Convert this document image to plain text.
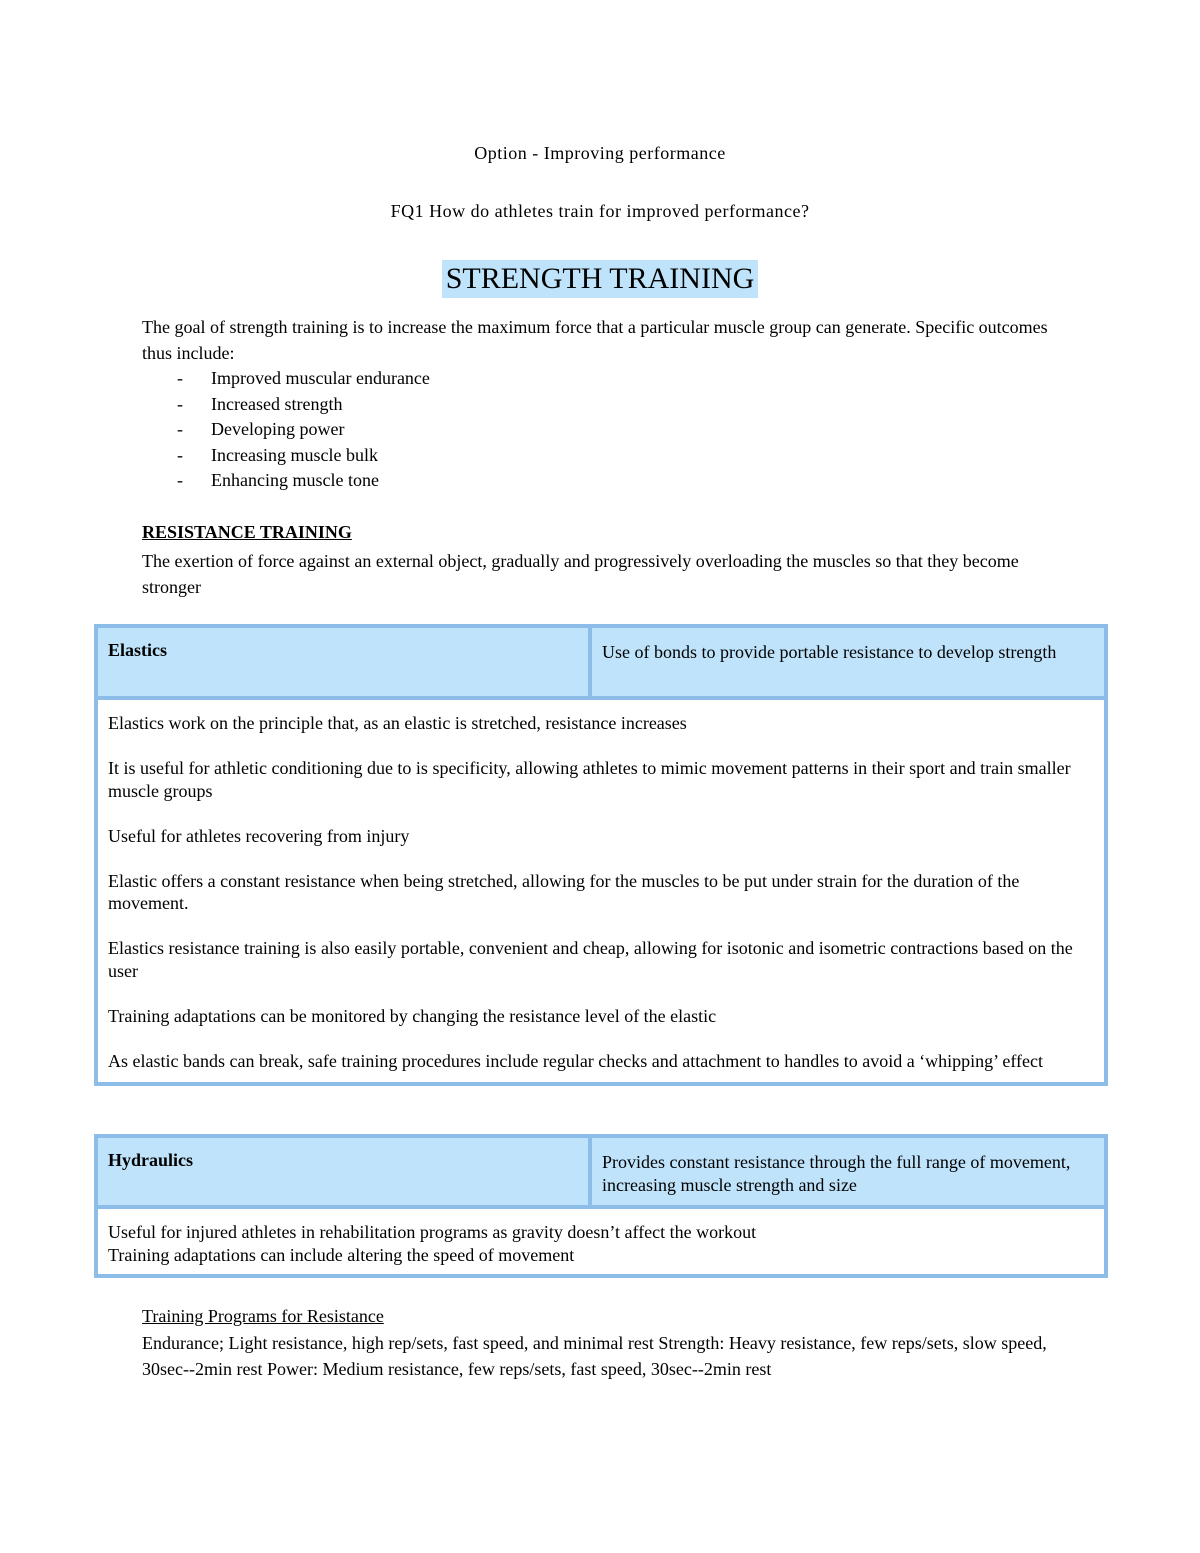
Option - Improving performance
FQ1 How do athletes train for improved performance?
STRENGTH TRAINING
The goal of strength training is to increase the maximum force that a particular muscle group can generate. Specific outcomes thus include:
- Improved muscular endurance
- Increased strength
- Developing power
- Increasing muscle bulk
- Enhancing muscle tone
RESISTANCE TRAINING
The exertion of force against an external object, gradually and progressively overloading the muscles so that they become stronger
Elastics	Use of bonds to provide portable resistance to develop strength

Elastics work on the principle that, as an elastic is stretched, resistance increases

It is useful for athletic conditioning due to is specificity, allowing athletes to mimic movement patterns in their sport and train smaller muscle groups

Useful for athletes recovering from injury

Elastic offers a constant resistance when being stretched, allowing for the muscles to be put under strain for the duration of the movement.

Elastics resistance training is also easily portable, convenient and cheap, allowing for isotonic and isometric contractions based on the user

Training adaptations can be monitored by changing the resistance level of the elastic

As elastic bands can break, safe training procedures include regular checks and attachment to handles to avoid a ‘whipping’ effect

Hydraulics	Provides constant resistance through the full range of movement, increasing muscle strength and size
Useful for injured athletes in rehabilitation programs as gravity doesn’t affect the workout
Training adaptations can include altering the speed of movement
Training Programs for Resistance
Endurance; Light resistance, high rep/sets, fast speed, and minimal rest Strength: Heavy resistance, few reps/sets, slow speed, 30sec--2min rest Power: Medium resistance, few reps/sets, fast speed, 30sec--2min rest
